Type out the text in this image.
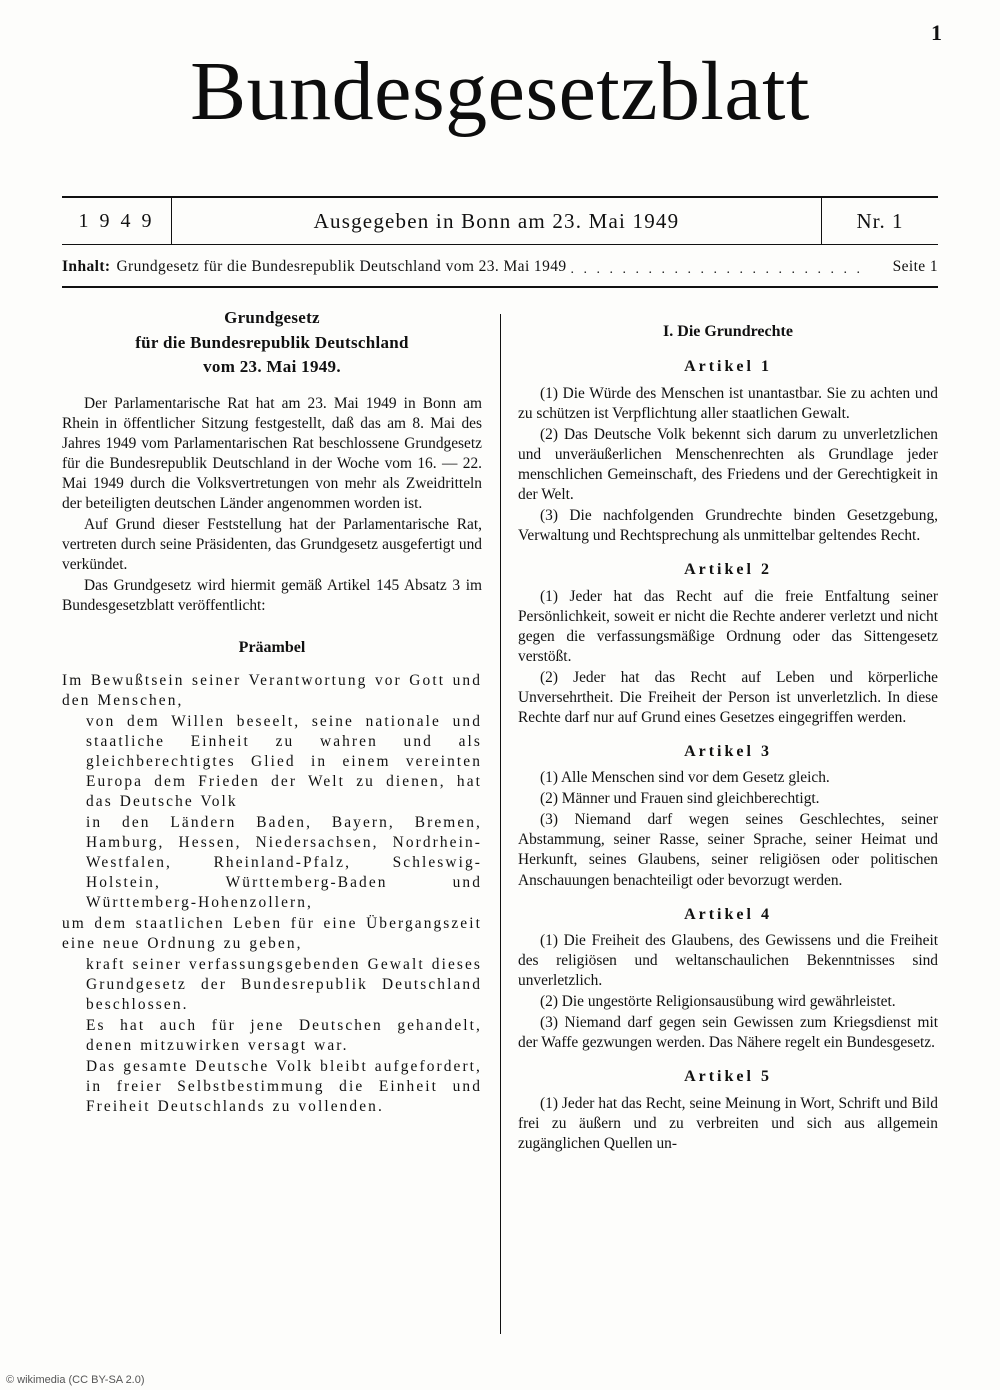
1
Bundesgesetzblatt
1 9 4 9	Ausgegeben in Bonn am 23. Mai 1949	Nr. 1
Inhalt: Grundgesetz für die Bundesrepublik Deutschland vom 23. Mai 1949 . . . . . . . . . . . . . . . . . . . . . . .	Seite 1
Grundgesetz
für die Bundesrepublik Deutschland
vom 23. Mai 1949.

Der Parlamentarische Rat hat am 23. Mai 1949 in Bonn am Rhein in öffentlicher Sitzung festgestellt, daß das am 8. Mai des Jahres 1949 vom Parlamentarischen Rat beschlossene Grundgesetz für die Bundesrepublik Deutschland in der Woche vom 16. — 22. Mai 1949 durch die Volksvertretungen von mehr als Zweidritteln der beteiligten deutschen Länder angenommen worden ist.

Auf Grund dieser Feststellung hat der Parlamentarische Rat, vertreten durch seine Präsidenten, das Grundgesetz ausgefertigt und verkündet.

Das Grundgesetz wird hiermit gemäß Artikel 145 Absatz 3 im Bundesgesetzblatt veröffentlicht:

Präambel

Im Bewußtsein seiner Verantwortung vor Gott und den Menschen,

von dem Willen beseelt, seine nationale und staatliche Einheit zu wahren und als gleichberechtigtes Glied in einem vereinten Europa dem Frieden der Welt zu dienen, hat das Deutsche Volk

in den Ländern Baden, Bayern, Bremen, Hamburg, Hessen, Niedersachsen, Nordrhein-Westfalen, Rheinland-Pfalz, Schleswig-Holstein, Württemberg-Baden und Württemberg-Hohenzollern,

um dem staatlichen Leben für eine Übergangszeit eine neue Ordnung zu geben,

kraft seiner verfassungsgebenden Gewalt dieses Grundgesetz der Bundesrepublik Deutschland beschlossen.

Es hat auch für jene Deutschen gehandelt, denen mitzuwirken versagt war.

Das gesamte Deutsche Volk bleibt aufgefordert, in freier Selbstbestimmung die Einheit und Freiheit Deutschlands zu vollenden.

I. Die Grundrechte
Artikel 1

(1) Die Würde des Menschen ist unantastbar. Sie zu achten und zu schützen ist Verpflichtung aller staatlichen Gewalt.

(2) Das Deutsche Volk bekennt sich darum zu unverletzlichen und unveräußerlichen Menschenrechten als Grundlage jeder menschlichen Gemeinschaft, des Friedens und der Gerechtigkeit in der Welt.

(3) Die nachfolgenden Grundrechte binden Gesetzgebung, Verwaltung und Rechtsprechung als unmittelbar geltendes Recht.

Artikel 2

(1) Jeder hat das Recht auf die freie Entfaltung seiner Persönlichkeit, soweit er nicht die Rechte anderer verletzt und nicht gegen die verfassungsmäßige Ordnung oder das Sittengesetz verstößt.

(2) Jeder hat das Recht auf Leben und körperliche Unversehrtheit. Die Freiheit der Person ist unverletzlich. In diese Rechte darf nur auf Grund eines Gesetzes eingegriffen werden.

Artikel 3

(1) Alle Menschen sind vor dem Gesetz gleich.

(2) Männer und Frauen sind gleichberechtigt.

(3) Niemand darf wegen seines Geschlechtes, seiner Abstammung, seiner Rasse, seiner Sprache, seiner Heimat und Herkunft, seines Glaubens, seiner religiösen oder politischen Anschauungen benachteiligt oder bevorzugt werden.

Artikel 4

(1) Die Freiheit des Glaubens, des Gewissens und die Freiheit des religiösen und weltanschaulichen Bekenntnisses sind unverletzlich.

(2) Die ungestörte Religionsausübung wird gewährleistet.

(3) Niemand darf gegen sein Gewissen zum Kriegsdienst mit der Waffe gezwungen werden. Das Nähere regelt ein Bundesgesetz.

Artikel 5

(1) Jeder hat das Recht, seine Meinung in Wort, Schrift und Bild frei zu äußern und zu verbreiten und sich aus allgemein zugänglichen Quellen un-

© wikimedia (CC BY-SA 2.0)
